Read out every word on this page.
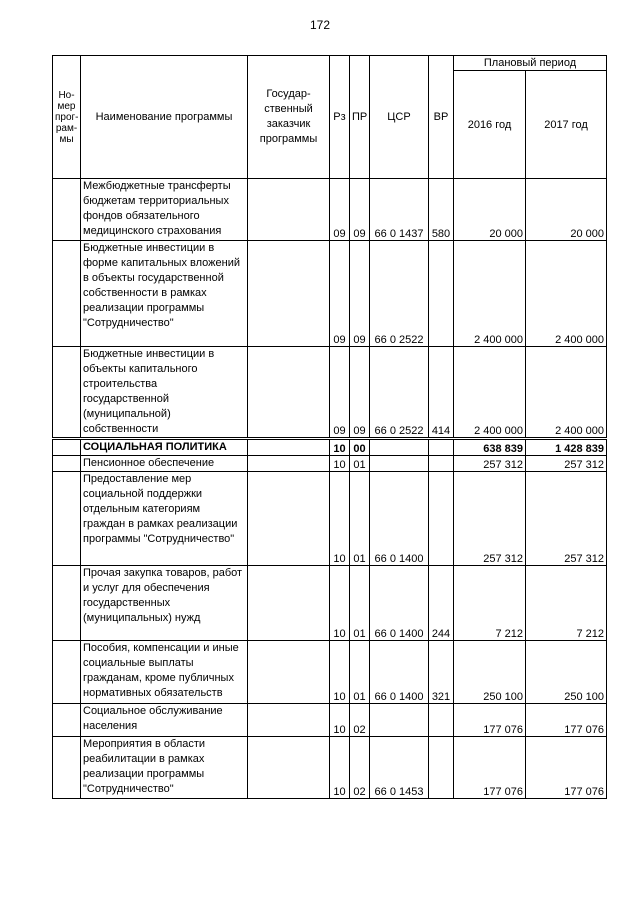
172
Но-мер прог-рам-мы	Наименование программы	Государ-ственный заказчик программы	Рз	ПР	ЦСР	ВР	Плановый период	
							2016 год	2017 год
	Межбюджетные трансферты бюджетам территориальных фондов обязательного медицинского страхования		09	09	66 0 1437	580	20 000	20 000
	Бюджетные инвестиции в форме капитальных вложений в объекты государственной собственности в рамках реализации программы "Сотрудничество"		09	09	66 0 2522		2 400 000	2 400 000
	Бюджетные инвестиции в объекты капитального строительства государственной (муниципальной) собственности		09	09	66 0 2522	414	2 400 000	2 400 000
	СОЦИАЛЬНАЯ ПОЛИТИКА		10	00			638 839	1 428 839
	Пенсионное обеспечение		10	01			257 312	257 312
	Предоставление мер социальной поддержки отдельным категориям граждан в рамках реализации программы "Сотрудничество"		10	01	66 0 1400		257 312	257 312
	Прочая закупка товаров, работ и услуг для обеспечения государственных (муниципальных) нужд		10	01	66 0 1400	244	7 212	7 212
	Пособия, компенсации и иные социальные выплаты гражданам, кроме публичных нормативных обязательств		10	01	66 0 1400	321	250 100	250 100
	Социальное обслуживание населения		10	02			177 076	177 076
	Мероприятия в области реабилитации в рамках реализации программы "Сотрудничество"		10	02	66 0 1453		177 076	177 076
